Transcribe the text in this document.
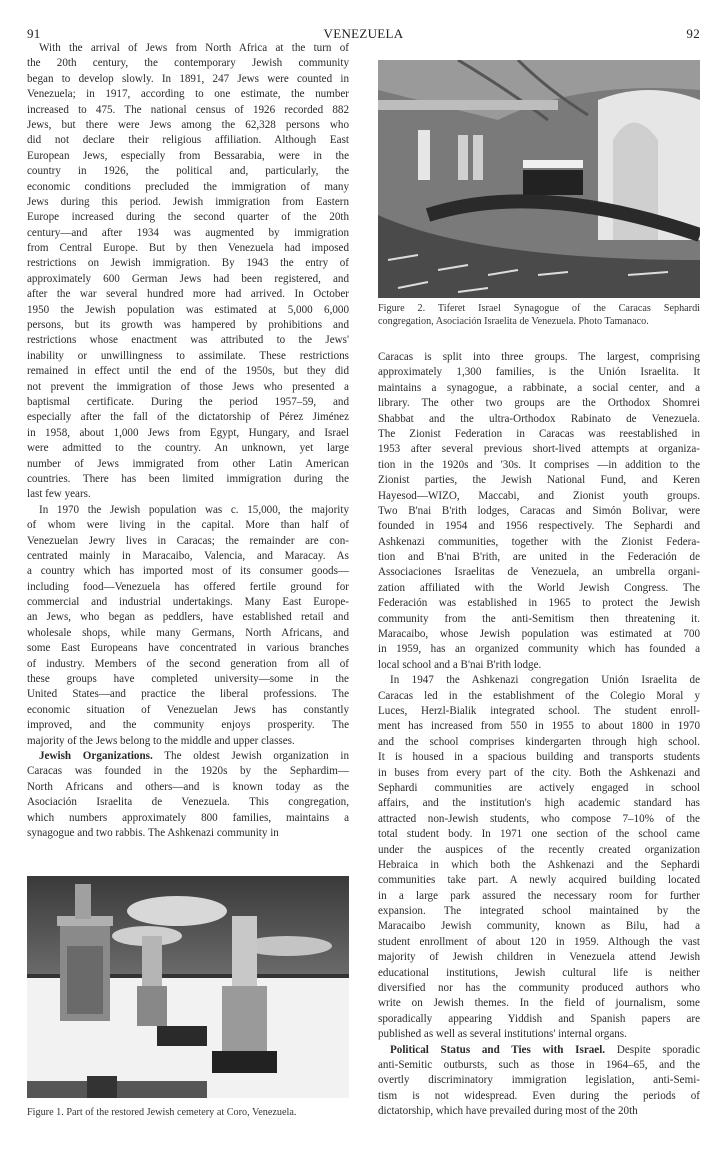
91	VENEZUELA	92
With the arrival of Jews from North Africa at the turn of
the 20th century, the contemporary Jewish community
began to develop slowly. In 1891, 247 Jews were counted in
Venezuela; in 1917, according to one estimate, the number
increased to 475. The national census of 1926 recorded 882
Jews, but there were Jews among the 62,328 persons who
did not declare their religious affiliation. Although East
European Jews, especially from Bessarabia, were in the
country in 1926, the political and, particularly, the
economic conditions precluded the immigration of many
Jews during this period. Jewish immigration from Eastern
Europe increased during the second quarter of the 20th
century—and after 1934 was augmented by immigration
from Central Europe. But by then Venezuela had imposed
restrictions on Jewish immigration. By 1943 the entry of
approximately 600 German Jews had been registered, and
after the war several hundred more had arrived. In October
1950 the Jewish population was estimated at 5,000 6,000
persons, but its growth was hampered by prohibitions and
restrictions whose enactment was attributed to the Jews'
inability or unwillingness to assimilate. These restrictions
remained in effect until the end of the 1950s, but they did
not prevent the immigration of those Jews who presented a
baptismal certificate. During the period 1957–59, and
especially after the fall of the dictatorship of Pérez Jiménez
in 1958, about 1,000 Jews from Egypt, Hungary, and Israel
were admitted to the country. An unknown, yet large
number of Jews immigrated from other Latin American
countries. There has been limited immigration during the
last few years.
In 1970 the Jewish population was c. 15,000, the majority
of whom were living in the capital. More than half of
Venezuelan Jewry lives in Caracas; the remainder are con-
centrated mainly in Maracaibo, Valencia, and Maracay. As
a country which has imported most of its consumer goods—
including food—Venezuela has offered fertile ground for
commercial and industrial undertakings. Many East Europe-
an Jews, who began as peddlers, have established retail and
wholesale shops, while many Germans, North Africans, and
some East Europeans have concentrated in various branches
of industry. Members of the second generation from all of
these groups have completed university—some in the
United States—and practice the liberal professions. The
economic situation of Venezuelan Jews has constantly
improved, and the community enjoys prosperity. The
majority of the Jews belong to the middle and upper classes.
Jewish Organizations. The oldest Jewish organization in
Caracas was founded in the 1920s by the Sephardim—
North Africans and others—and is known today as the
Asociación Israelita de Venezuela. This congregation,
which numbers approximately 800 families, maintains a
synagogue and two rabbis. The Ashkenazi community in
Figure 1. Part of the restored Jewish cemetery at Coro, Venezuela.
Figure 2. Tiferet Israel Synagogue of the Caracas Sephardi
congregation, Asociación Israelita de Venezuela. Photo Tamanaco.
Caracas is split into three groups. The largest, comprising
approximately 1,300 families, is the Unión Israelita. It
maintains a synagogue, a rabbinate, a social center, and a
library. The other two groups are the Orthodox Shomrei
Shabbat and the ultra-Orthodox Rabinato de Venezuela.
The Zionist Federation in Caracas was reestablished in
1953 after several previous short-lived attempts at organiza-
tion in the 1920s and '30s. It comprises —in addition to the
Zionist parties, the Jewish National Fund, and Keren
Hayesod—WIZO, Maccabi, and Zionist youth groups.
Two B'nai B'rith lodges, Caracas and Simón Bolivar, were
founded in 1954 and 1956 respectively. The Sephardi and
Ashkenazi communities, together with the Zionist Federa-
tion and B'nai B'rith, are united in the Federación de
Associaciones Israelitas de Venezuela, an umbrella organi-
zation affiliated with the World Jewish Congress. The
Federación was established in 1965 to protect the Jewish
community from the anti-Semitism then threatening it.
Maracaibo, whose Jewish population was estimated at 700
in 1959, has an organized community which has founded a
local school and a B'nai B'rith lodge.
In 1947 the Ashkenazi congregation Unión Israelita de
Caracas led in the establishment of the Colegio Moral y
Luces, Herzl-Bialik integrated school. The student enroll-
ment has increased from 550 in 1955 to about 1800 in 1970
and the school comprises kindergarten through high school.
It is housed in a spacious building and transports students
in buses from every part of the city. Both the Ashkenazi and
Sephardi communities are actively engaged in school
affairs, and the institution's high academic standard has
attracted non-Jewish students, who compose 7–10% of the
total student body. In 1971 one section of the school came
under the auspices of the recently created organization
Hebraica in which both the Ashkenazi and the Sephardi
communities take part. A newly acquired building located
in a large park assured the necessary room for further
expansion. The integrated school maintained by the
Maracaibo Jewish community, known as Bilu, had a
student enrollment of about 120 in 1959. Although the vast
majority of Jewish children in Venezuela attend Jewish
educational institutions, Jewish cultural life is neither
diversified nor has the community produced authors who
write on Jewish themes. In the field of journalism, some
sporadically appearing Yiddish and Spanish papers are
published as well as several institutions' internal organs.
Political Status and Ties with Israel. Despite sporadic
anti-Semitic outbursts, such as those in 1964–65, and the
overtly discriminatory immigration legislation, anti-Semi-
tism is not widespread. Even during the periods of
dictatorship, which have prevailed during most of the 20th
